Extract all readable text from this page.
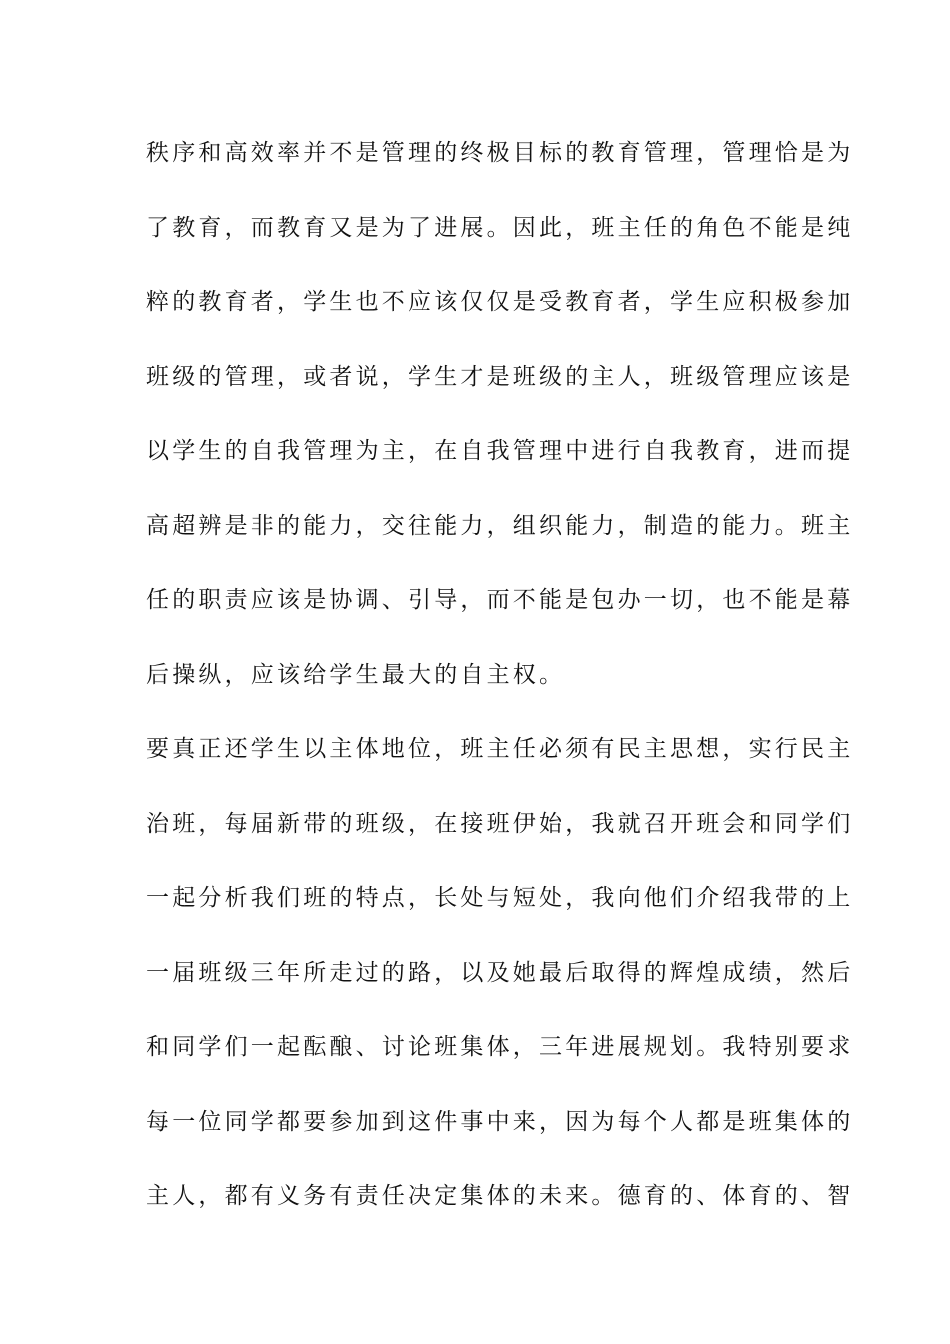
秩序和高效率并不是管理的终极目标的教育管理，管理恰是为
了教育，而教育又是为了进展。因此，班主任的角色不能是纯
粹的教育者，学生也不应该仅仅是受教育者，学生应积极参加
班级的管理，或者说，学生才是班级的主人，班级管理应该是
以学生的自我管理为主，在自我管理中进行自我教育，进而提
高超辨是非的能力，交往能力，组织能力，制造的能力。班主
任的职责应该是协调、引导，而不能是包办一切，也不能是幕
后操纵，应该给学生最大的自主权。
要真正还学生以主体地位，班主任必须有民主思想，实行民主
治班，每届新带的班级，在接班伊始，我就召开班会和同学们
一起分析我们班的特点，长处与短处，我向他们介绍我带的上
一届班级三年所走过的路，以及她最后取得的辉煌成绩，然后
和同学们一起酝酿、讨论班集体，三年进展规划。我特别要求
每一位同学都要参加到这件事中来，因为每个人都是班集体的
主人，都有义务有责任决定集体的未来。德育的、体育的、智
